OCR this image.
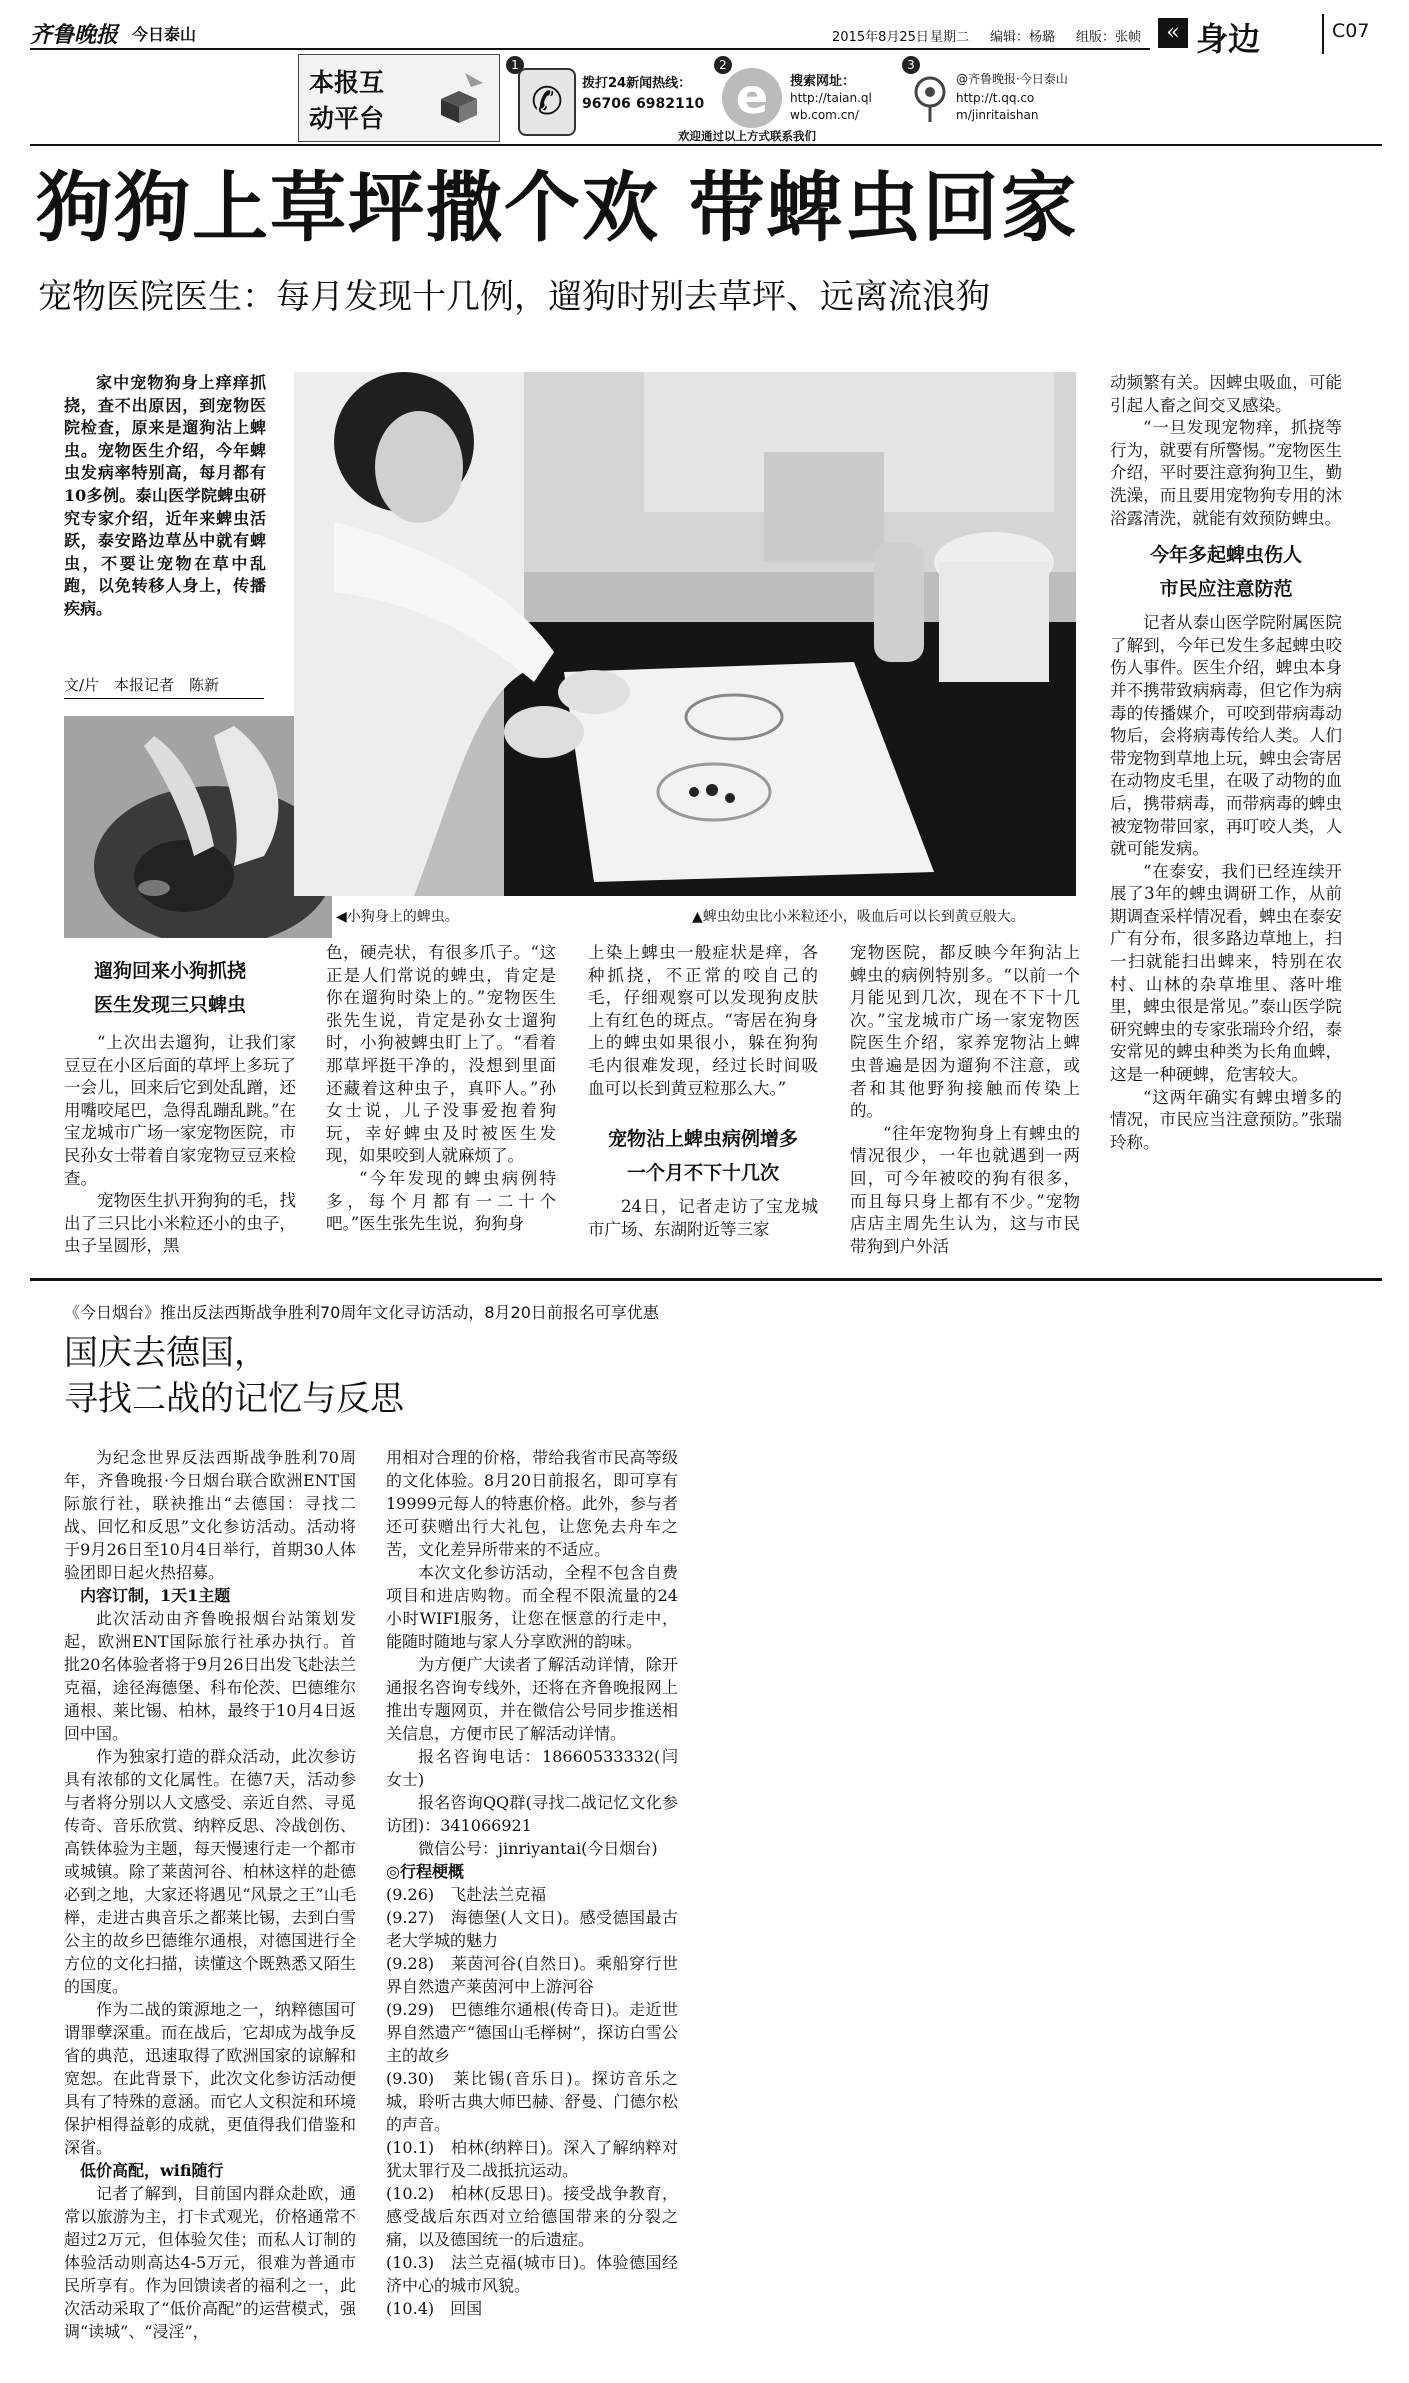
齐鲁晚报 今日泰山	2015年8月25日 星期二 编辑：杨璐 组版：张帧	« 身边	C07
本报互
动平台
1
✆	拨打24新闻热线：
96706 6982110
2
e	搜索网址：
http://taian.qlwb.com.cn/
3
@齐鲁晚报·今日泰山
http://t.qq.com/jinritaishan
欢迎通过以上方式联系我们
狗狗上草坪撒个欢 带蜱虫回家
宠物医院医生：每月发现十几例，遛狗时别去草坪、远离流浪狗

家中宠物狗身上痒痒抓挠，查不出原因，到宠物医院检查，原来是遛狗沾上蜱虫。宠物医生介绍，今年蜱虫发病率特别高，每月都有10多例。泰山医学院蜱虫研究专家介绍，近年来蜱虫活跃，泰安路边草丛中就有蜱虫，不要让宠物在草中乱跑，以免转移人身上，传播疾病。

文/片　本报记者　陈新
◀小狗身上的蜱虫。	▲蜱虫幼虫比小米粒还小，吸血后可以长到黄豆般大。
遛狗回来小狗抓挠
医生发现三只蜱虫

“上次出去遛狗，让我们家豆豆在小区后面的草坪上多玩了一会儿，回来后它到处乱蹭，还用嘴咬尾巴，急得乱蹦乱跳。”在宝龙城市广场一家宠物医院，市民孙女士带着自家宠物豆豆来检查。

宠物医生扒开狗狗的毛，找出了三只比小米粒还小的虫子，虫子呈圆形，黑

色，硬壳状，有很多爪子。“这正是人们常说的蜱虫，肯定是你在遛狗时染上的。”宠物医生张先生说，肯定是孙女士遛狗时，小狗被蜱虫盯上了。“看着那草坪挺干净的，没想到里面还藏着这种虫子，真吓人。”孙女士说，儿子没事爱抱着狗玩，幸好蜱虫及时被医生发现，如果咬到人就麻烦了。

“今年发现的蜱虫病例特多，每个月都有一二十个吧。”医生张先生说，狗狗身

上染上蜱虫一般症状是痒，各种抓挠，不正常的咬自己的毛，仔细观察可以发现狗皮肤上有红色的斑点。“寄居在狗身上的蜱虫如果很小，躲在狗狗毛内很难发现，经过长时间吸血可以长到黄豆粒那么大。”

宠物沾上蜱虫病例增多
一个月不下十几次

24日，记者走访了宝龙城市广场、东湖附近等三家

宠物医院，都反映今年狗沾上蜱虫的病例特别多。“以前一个月能见到几次，现在不下十几次。”宝龙城市广场一家宠物医院医生介绍，家养宠物沾上蜱虫普遍是因为遛狗不注意，或者和其他野狗接触而传染上的。

“往年宠物狗身上有蜱虫的情况很少，一年也就遇到一两回，可今年被咬的狗有很多，而且每只身上都有不少。”宠物店店主周先生认为，这与市民带狗到户外活

动频繁有关。因蜱虫吸血，可能引起人畜之间交叉感染。

“一旦发现宠物痒，抓挠等行为，就要有所警惕。”宠物医生介绍，平时要注意狗狗卫生，勤洗澡，而且要用宠物狗专用的沐浴露清洗，就能有效预防蜱虫。

今年多起蜱虫伤人
市民应注意防范

记者从泰山医学院附属医院了解到，今年已发生多起蜱虫咬伤人事件。医生介绍，蜱虫本身并不携带致病病毒，但它作为病毒的传播媒介，可咬到带病毒动物后，会将病毒传给人类。人们带宠物到草地上玩，蜱虫会寄居在动物皮毛里，在吸了动物的血后，携带病毒，而带病毒的蜱虫被宠物带回家，再叮咬人类，人就可能发病。

“在泰安，我们已经连续开展了3年的蜱虫调研工作，从前期调查采样情况看，蜱虫在泰安广有分布，很多路边草地上，扫一扫就能扫出蜱来，特别在农村、山林的杂草堆里、落叶堆里，蜱虫很是常见。”泰山医学院研究蜱虫的专家张瑞玲介绍，泰安常见的蜱虫种类为长角血蜱，这是一种硬蜱，危害较大。

“这两年确实有蜱虫增多的情况，市民应当注意预防。”张瑞玲称。

《今日烟台》推出反法西斯战争胜利70周年文化寻访活动，8月20日前报名可享优惠
国庆去德国，
寻找二战的记忆与反思

为纪念世界反法西斯战争胜利70周年，齐鲁晚报·今日烟台联合欧洲ENT国际旅行社，联袂推出“去德国：寻找二战、回忆和反思”文化参访活动。活动将于9月26日至10月4日举行，首期30人体验团即日起火热招募。

内容订制，1天1主题

此次活动由齐鲁晚报烟台站策划发起，欧洲ENT国际旅行社承办执行。首批20名体验者将于9月26日出发飞赴法兰克福，途径海德堡、科布伦茨、巴德维尔通根、莱比锡、柏林，最终于10月4日返回中国。

作为独家打造的群众活动，此次参访具有浓郁的文化属性。在德7天，活动参与者将分别以人文感受、亲近自然、寻觅传奇、音乐欣赏、纳粹反思、冷战创伤、高铁体验为主题，每天慢速行走一个都市或城镇。除了莱茵河谷、柏林这样的赴德必到之地，大家还将遇见“风景之王”山毛榉，走进古典音乐之都莱比锡，去到白雪公主的故乡巴德维尔通根，对德国进行全方位的文化扫描，读懂这个既熟悉又陌生的国度。

作为二战的策源地之一，纳粹德国可谓罪孽深重。而在战后，它却成为战争反省的典范，迅速取得了欧洲国家的谅解和宽恕。在此背景下，此次文化参访活动便具有了特殊的意涵。而它人文积淀和环境保护相得益彰的成就，更值得我们借鉴和深省。

低价高配，wifi随行

记者了解到，目前国内群众赴欧，通常以旅游为主，打卡式观光，价格通常不超过2万元，但体验欠佳；而私人订制的体验活动则高达4-5万元，很难为普通市民所享有。作为回馈读者的福利之一，此次活动采取了“低价高配”的运营模式，强调“读城”、“浸淫”，

用相对合理的价格，带给我省市民高等级的文化体验。8月20日前报名，即可享有19999元每人的特惠价格。此外，参与者还可获赠出行大礼包，让您免去舟车之苦，文化差异所带来的不适应。

本次文化参访活动，全程不包含自费项目和进店购物。而全程不限流量的24小时WIFI服务，让您在惬意的行走中，能随时随地与家人分享欧洲的韵味。

为方便广大读者了解活动详情，除开通报名咨询专线外，还将在齐鲁晚报网上推出专题网页，并在微信公号同步推送相关信息，方便市民了解活动详情。

报名咨询电话：18660533332(闫女士)

报名咨询QQ群(寻找二战记忆文化参访团)：341066921

微信公号：jinriyantai(今日烟台)

◎行程梗概

(9.26)　飞赴法兰克福

(9.27)　海德堡(人文日)。感受德国最古老大学城的魅力

(9.28)　莱茵河谷(自然日)。乘船穿行世界自然遗产莱茵河中上游河谷

(9.29)　巴德维尔通根(传奇日)。走近世界自然遗产“德国山毛榉树”，探访白雪公主的故乡

(9.30)　莱比锡(音乐日)。探访音乐之城，聆听古典大师巴赫、舒曼、门德尔松的声音。

(10.1)　柏林(纳粹日)。深入了解纳粹对犹太罪行及二战抵抗运动。

(10.2)　柏林(反思日)。接受战争教育，感受战后东西对立给德国带来的分裂之痛，以及德国统一的后遗症。

(10.3)　法兰克福(城市日)。体验德国经济中心的城市风貌。

(10.4)　回国
